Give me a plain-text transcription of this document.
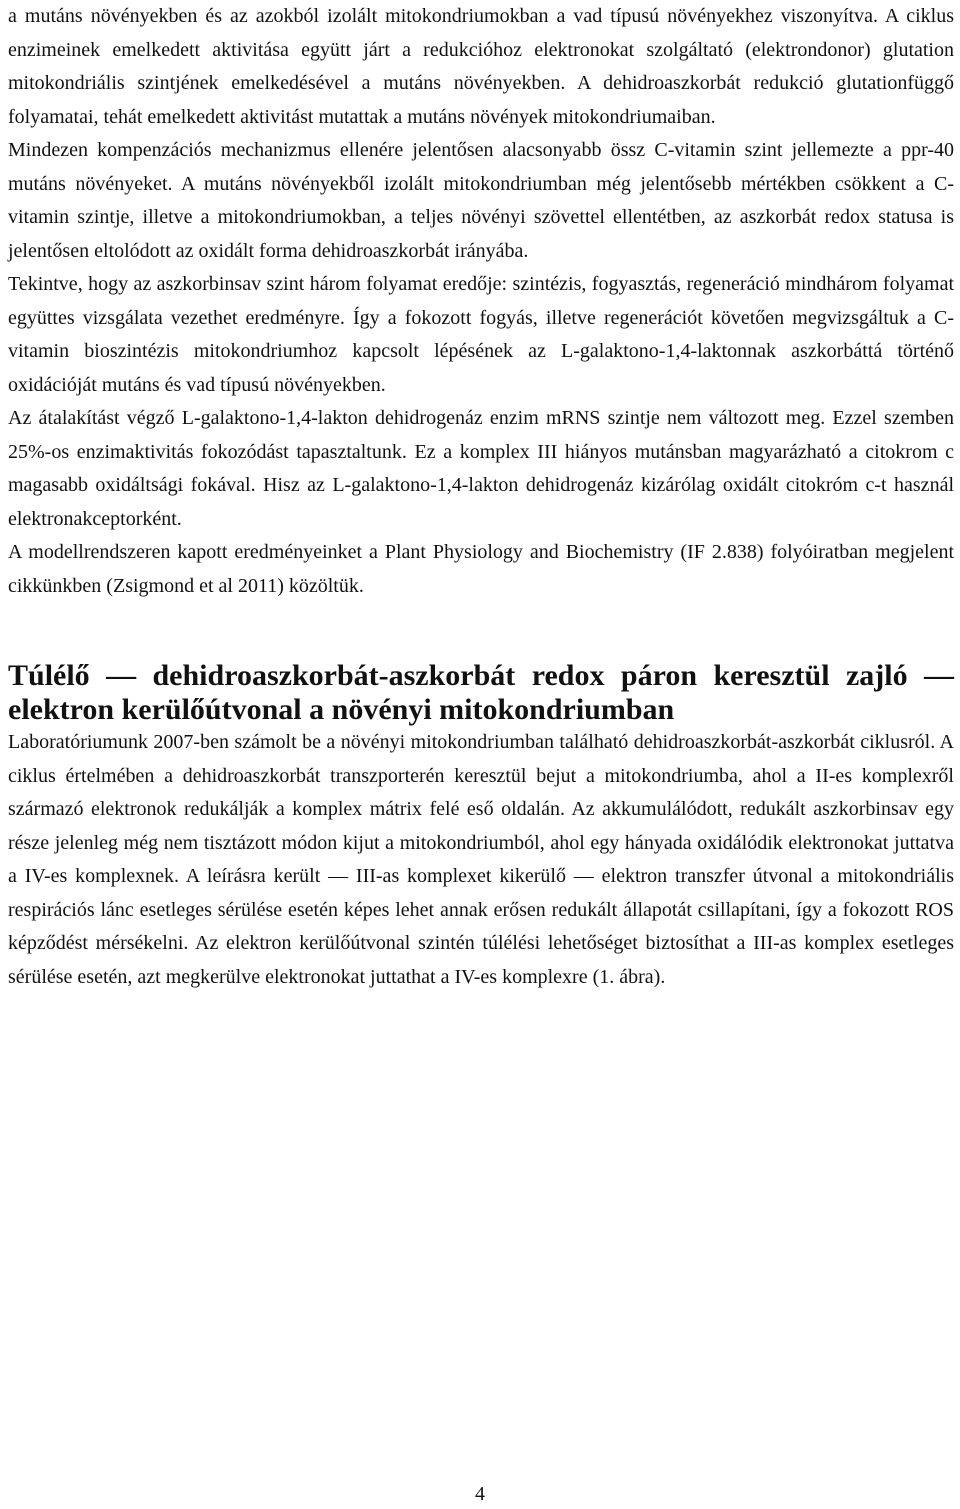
a mutáns növényekben és az azokból izolált mitokondriumokban a vad típusú növényekhez viszonyítva. A ciklus enzimeinek emelkedett aktivitása együtt járt a redukcióhoz elektronokat szolgáltató (elektrondonor) glutation mitokondriális szintjének emelkedésével a mutáns növényekben. A dehidroaszkorbát redukció glutationfüggő folyamatai, tehát emelkedett aktivitást mutattak a mutáns növények mitokondriumaiban.

Mindezen kompenzációs mechanizmus ellenére jelentősen alacsonyabb össz C-vitamin szint jellemezte a ppr-40 mutáns növényeket. A mutáns növényekből izolált mitokondriumban még jelentősebb mértékben csökkent a C-vitamin szintje, illetve a mitokondriumokban, a teljes növényi szövettel ellentétben, az aszkorbát redox statusa is jelentősen eltolódott az oxidált forma dehidroaszkorbát irányába.

Tekintve, hogy az aszkorbinsav szint három folyamat eredője: szintézis, fogyasztás, regeneráció mindhárom folyamat együttes vizsgálata vezethet eredményre. Így a fokozott fogyás, illetve regenerációt követően megvizsgáltuk a C-vitamin bioszintézis mitokondriumhoz kapcsolt lépésének az L-galaktono-1,4-laktonnak aszkorbáttá történő oxidációját mutáns és vad típusú növényekben.

Az átalakítást végző L-galaktono-1,4-lakton dehidrogenáz enzim mRNS szintje nem változott meg. Ezzel szemben 25%-os enzimaktivitás fokozódást tapasztaltunk. Ez a komplex III hiányos mutánsban magyarázható a citokrom c magasabb oxidáltsági fokával. Hisz az L-galaktono-1,4-lakton dehidrogenáz kizárólag oxidált citokróm c-t használ elektronakceptorként.

A modellrendszeren kapott eredményeinket a Plant Physiology and Biochemistry (IF 2.838) folyóiratban megjelent cikkünkben (Zsigmond et al 2011) közöltük.

Túlélő — dehidroaszkorbát-aszkorbát redox páron keresztül zajló — elektron kerülőútvonal a növényi mitokondriumban

Laboratóriumunk 2007-ben számolt be a növényi mitokondriumban található dehidroaszkorbát-aszkorbát ciklusról. A ciklus értelmében a dehidroaszkorbát transzporterén keresztül bejut a mitokondriumba, ahol a II-es komplexről származó elektronok redukálják a komplex mátrix felé eső oldalán. Az akkumulálódott, redukált aszkorbinsav egy része jelenleg még nem tisztázott módon kijut a mitokondriumból, ahol egy hányada oxidálódik elektronokat juttatva a IV-es komplexnek. A leírásra került — III-as komplexet kikerülő — elektron transzfer útvonal a mitokondriális respirációs lánc esetleges sérülése esetén képes lehet annak erősen redukált állapotát csillapítani, így a fokozott ROS képződést mérsékelni. Az elektron kerülőútvonal szintén túlélési lehetőséget biztosíthat a III-as komplex esetleges sérülése esetén, azt megkerülve elektronokat juttathat a IV-es komplexre (1. ábra).

4
